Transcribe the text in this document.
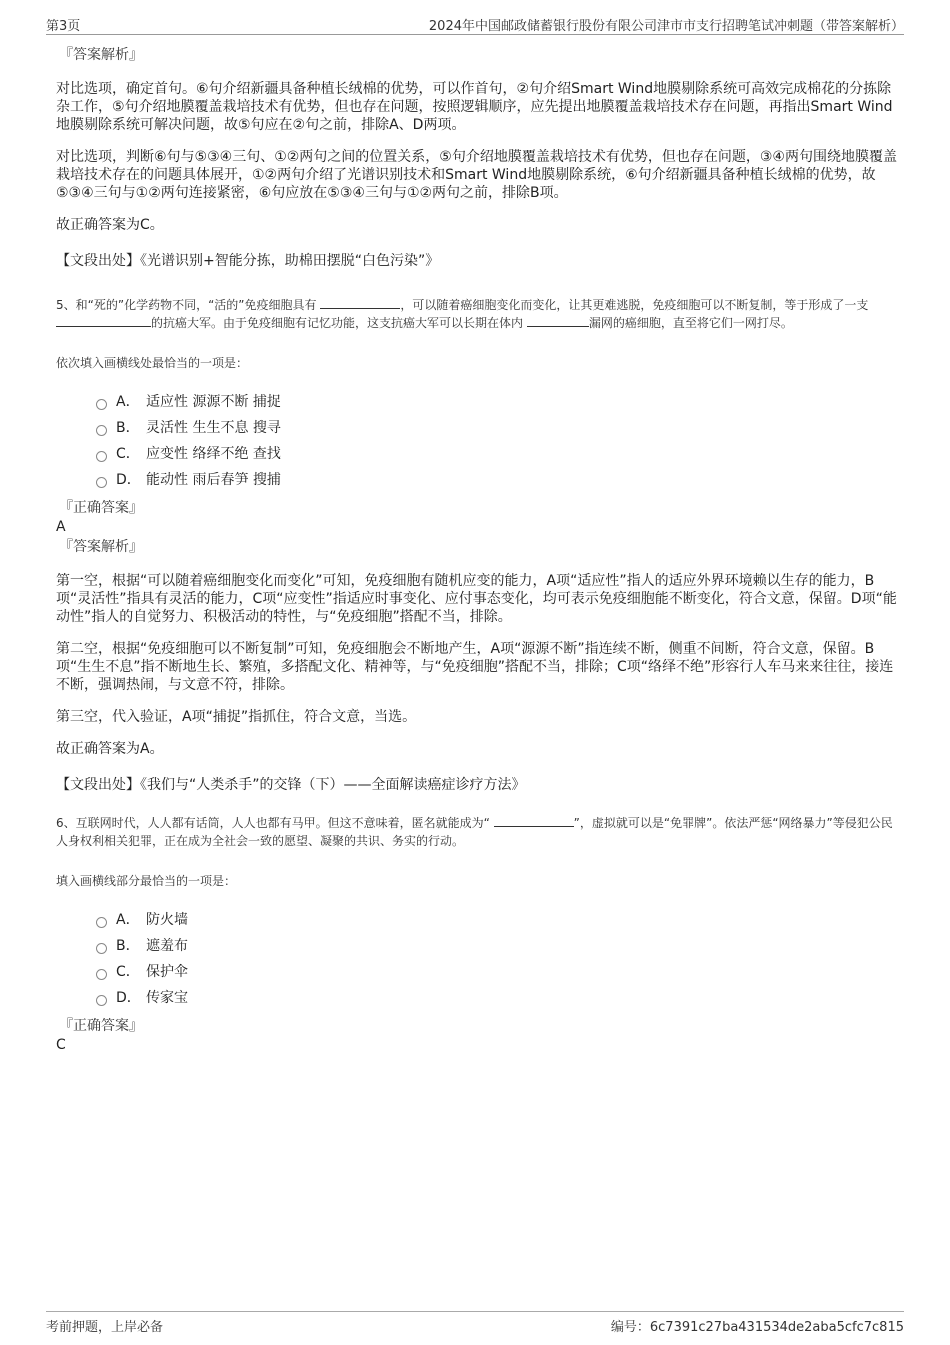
第3页	2024年中国邮政储蓄银行股份有限公司津市市支行招聘笔试冲刺题（带答案解析）
『答案解析』

对比选项，确定首句。⑥句介绍新疆具备种植长绒棉的优势，可以作首句，②句介绍Smart Wind地膜剔除系统可高效完成棉花的分拣除杂工作，⑤句介绍地膜覆盖栽培技术有优势，但也存在问题，按照逻辑顺序，应先提出地膜覆盖栽培技术存在问题，再指出Smart Wind地膜剔除系统可解决问题，故⑤句应在②句之前，排除A、D两项。

对比选项，判断⑥句与⑤③④三句、①②两句之间的位置关系，⑤句介绍地膜覆盖栽培技术有优势，但也存在问题，③④两句围绕地膜覆盖栽培技术存在的问题具体展开，①②两句介绍了光谱识别技术和Smart Wind地膜剔除系统，⑥句介绍新疆具备种植长绒棉的优势，故⑤③④三句与①②两句连接紧密，⑥句应放在⑤③④三句与①②两句之前，排除B项。

故正确答案为C。

【文段出处】《光谱识别+智能分拣，助棉田摆脱“白色污染”》

5、和“死的”化学药物不同，“活的”免疫细胞具有	，可以随着癌细胞变化而变化，让其更难逃脱，免疫细胞可以不断复制，等于形成了一支 的抗癌大军。由于免疫细胞有记忆功能，这支抗癌大军可以长期在体内	漏网的癌细胞，直至将它们一网打尽。

依次填入画横线处最恰当的一项是：

A． 适应性 源源不断 捕捉
B． 灵活性 生生不息 搜寻
C． 应变性 络绎不绝 查找
D． 能动性 雨后春笋 搜捕
『正确答案』
A
『答案解析』

第一空，根据“可以随着癌细胞变化而变化”可知，免疫细胞有随机应变的能力，A项“适应性”指人的适应外界环境赖以生存的能力，B项“灵活性”指具有灵活的能力，C项“应变性”指适应时事变化、应付事态变化，均可表示免疫细胞能不断变化，符合文意，保留。D项“能动性”指人的自觉努力、积极活动的特性，与“免疫细胞”搭配不当，排除。

第二空，根据“免疫细胞可以不断复制”可知，免疫细胞会不断地产生，A项“源源不断”指连续不断，侧重不间断，符合文意，保留。B项“生生不息”指不断地生长、繁殖，多搭配文化、精神等，与“免疫细胞”搭配不当，排除；C项“络绎不绝”形容行人车马来来往往，接连不断，强调热闹，与文意不符，排除。

第三空，代入验证，A项“捕捉”指抓住，符合文意，当选。

故正确答案为A。

【文段出处】《我们与“人类杀手”的交锋（下）——全面解读癌症诊疗方法》

6、互联网时代，人人都有话筒，人人也都有马甲。但这不意味着，匿名就能成为“	”，虚拟就可以是“免罪牌”。依法严惩“网络暴力”等侵犯公民人身权利相关犯罪，正在成为全社会一致的愿望、凝聚的共识、务实的行动。

填入画横线部分最恰当的一项是：

A． 防火墙
B． 遮羞布
C． 保护伞
D． 传家宝
『正确答案』
C
考前押题，上岸必备	编号：6c7391c27ba431534de2aba5cfc7c815
